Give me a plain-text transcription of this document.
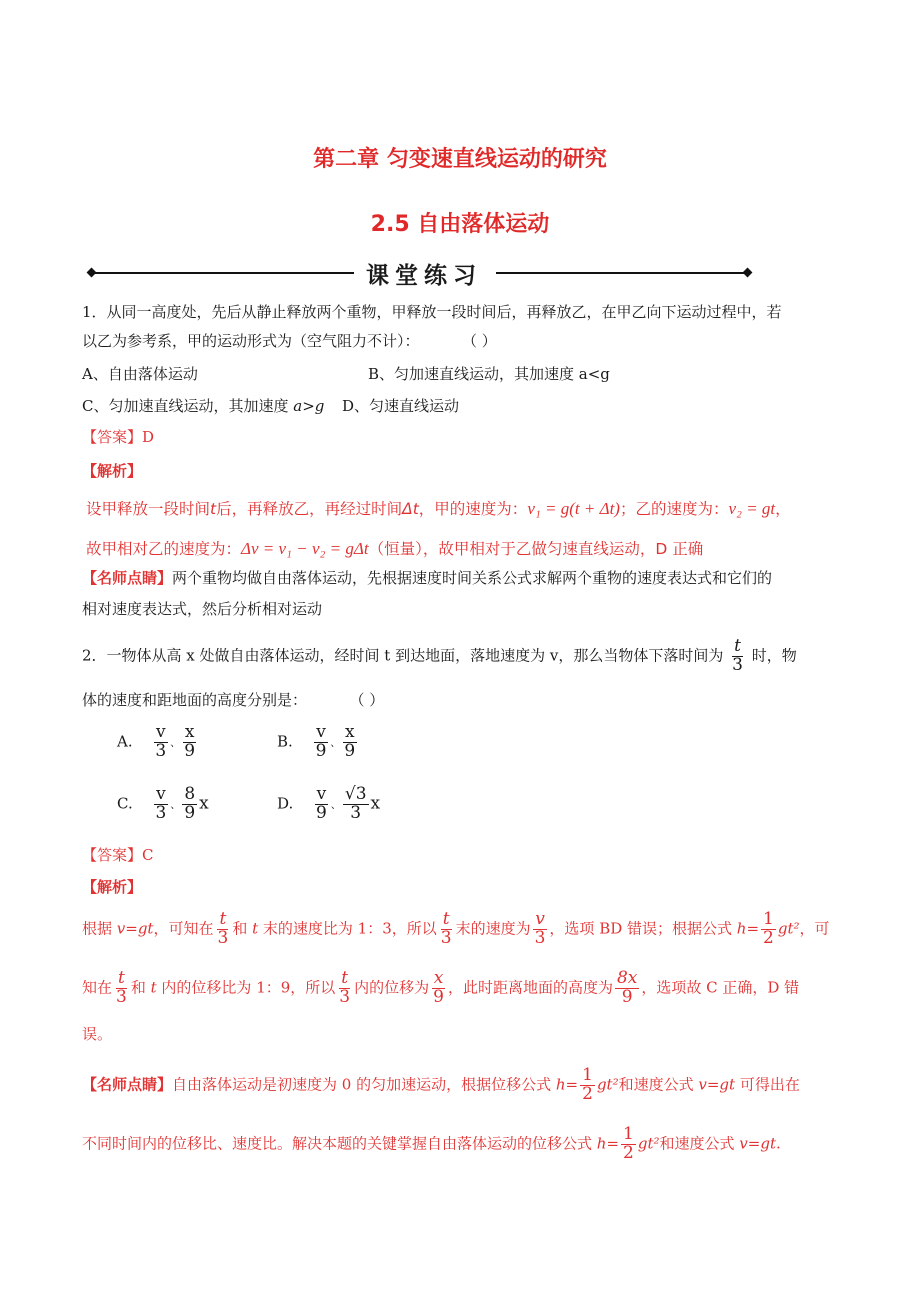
第二章 匀变速直线运动的研究
2.5 自由落体运动
课堂练习
1．从同一高度处，先后从静止释放两个重物，甲释放一段时间后，再释放乙，在甲乙向下运动过程中，若
以乙为参考系，甲的运动形式为（空气阻力不计）：	（ ）
A、自由落体运动	B、匀加速直线运动，其加速度 a<g
C、匀加速直线运动，其加速度 a>g D、匀速直线运动
【答案】D
【解析】
设甲释放一段时间t后，再释放乙，再经过时间Δt，甲的速度为：v₁ = g(t + Δt)；乙的速度为：v₂ = gt，
故甲相对乙的速度为：Δv = v₁ − v₂ = gΔt（恒量），故甲相对于乙做匀速直线运动，D 正确
【名师点睛】两个重物均做自由落体运动，先根据速度时间关系公式求解两个重物的速度表达式和它们的
相对速度表达式，然后分析相对运动
2．一物体从高 x 处做自由落体运动，经时间 t 到达地面，落地速度为 v，那么当物体下落时间为 $\frac{t}{3}$ 时，物
体的速度和距地面的高度分别是：	（ ）
A. $\frac{v}{3}$ 、 $\frac{x}{9}$	B. $\frac{v}{9}$ 、 $\frac{x}{9}$
C. $\frac{v}{3}$ 、 $\frac{8}{9}$ x	D. $\frac{v}{9}$ 、 $\frac{√3}{3}$ x
【答案】C
【解析】
根据 v=gt，可知在 $\frac{t}{3}$ 和 t 末的速度比为 1：3，所以 $\frac{t}{3}$ 末的速度为 $\frac{v}{3}$ ，选项 BD 错误；根据公式 $h= \frac{1}{2} gt^2$，可
知在 $\frac{t}{3}$ 和 t 内的位移比为 1：9，所以 $\frac{t}{3}$ 内的位移为 $\frac{x}{9}$ ，此时距离地面的高度为 $\frac{8x}{9}$ ，选项故 C 正确，D 错
误。
【名师点睛】自由落体运动是初速度为 0 的匀加速运动，根据位移公式 $h= \frac{1}{2} gt^2$和速度公式 v=gt 可得出在
不同时间内的位移比、速度比。解决本题的关键掌握自由落体运动的位移公式 $h= \frac{1}{2} gt^2$和速度公式 v=gt.
